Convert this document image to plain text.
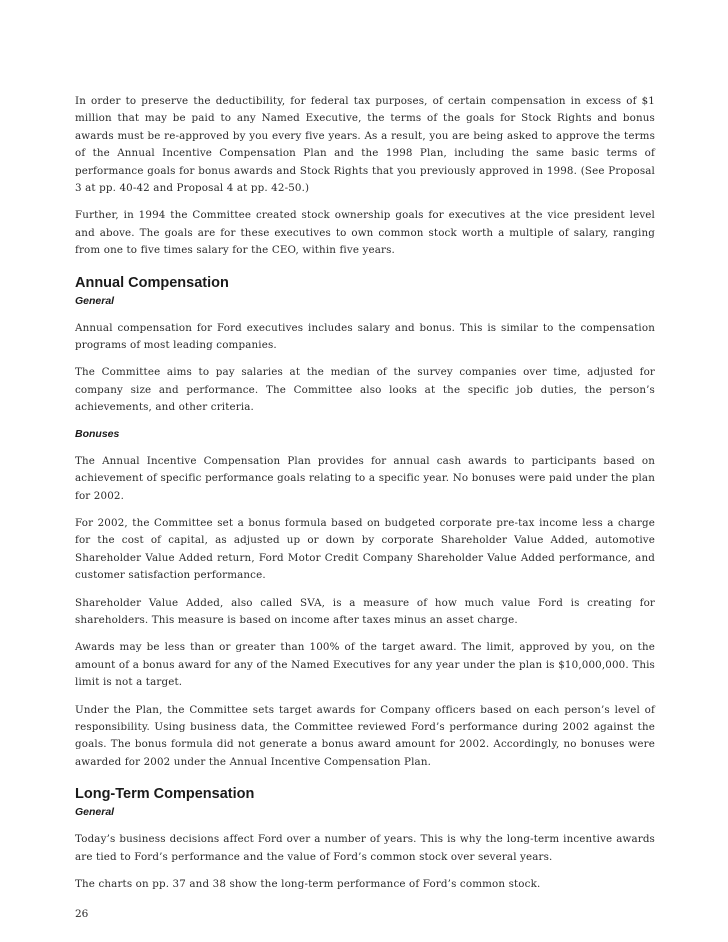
In order to preserve the deductibility, for federal tax purposes, of certain compensation in excess of $1 million that may be paid to any Named Executive, the terms of the goals for Stock Rights and bonus awards must be re-approved by you every five years. As a result, you are being asked to approve the terms of the Annual Incentive Compensation Plan and the 1998 Plan, including the same basic terms of performance goals for bonus awards and Stock Rights that you previously approved in 1998. (See Proposal 3 at pp. 40-42 and Proposal 4 at pp. 42-50.)

Further, in 1994 the Committee created stock ownership goals for executives at the vice president level and above. The goals are for these executives to own common stock worth a multiple of salary, ranging from one to five times salary for the CEO, within five years.

Annual Compensation
General

Annual compensation for Ford executives includes salary and bonus. This is similar to the compensation programs of most leading companies.

The Committee aims to pay salaries at the median of the survey companies over time, adjusted for company size and performance. The Committee also looks at the specific job duties, the person’s achievements, and other criteria.

Bonuses

The Annual Incentive Compensation Plan provides for annual cash awards to participants based on achievement of specific performance goals relating to a specific year. No bonuses were paid under the plan for 2002.

For 2002, the Committee set a bonus formula based on budgeted corporate pre-tax income less a charge for the cost of capital, as adjusted up or down by corporate Shareholder Value Added, automotive Shareholder Value Added return, Ford Motor Credit Company Shareholder Value Added performance, and customer satisfaction performance.

Shareholder Value Added, also called SVA, is a measure of how much value Ford is creating for shareholders. This measure is based on income after taxes minus an asset charge.

Awards may be less than or greater than 100% of the target award. The limit, approved by you, on the amount of a bonus award for any of the Named Executives for any year under the plan is $10,000,000. This limit is not a target.

Under the Plan, the Committee sets target awards for Company officers based on each person’s level of responsibility. Using business data, the Committee reviewed Ford’s performance during 2002 against the goals. The bonus formula did not generate a bonus award amount for 2002. Accordingly, no bonuses were awarded for 2002 under the Annual Incentive Compensation Plan.

Long-Term Compensation
General

Today’s business decisions affect Ford over a number of years. This is why the long-term incentive awards are tied to Ford’s performance and the value of Ford’s common stock over several years.

The charts on pp. 37 and 38 show the long-term performance of Ford’s common stock.

26
